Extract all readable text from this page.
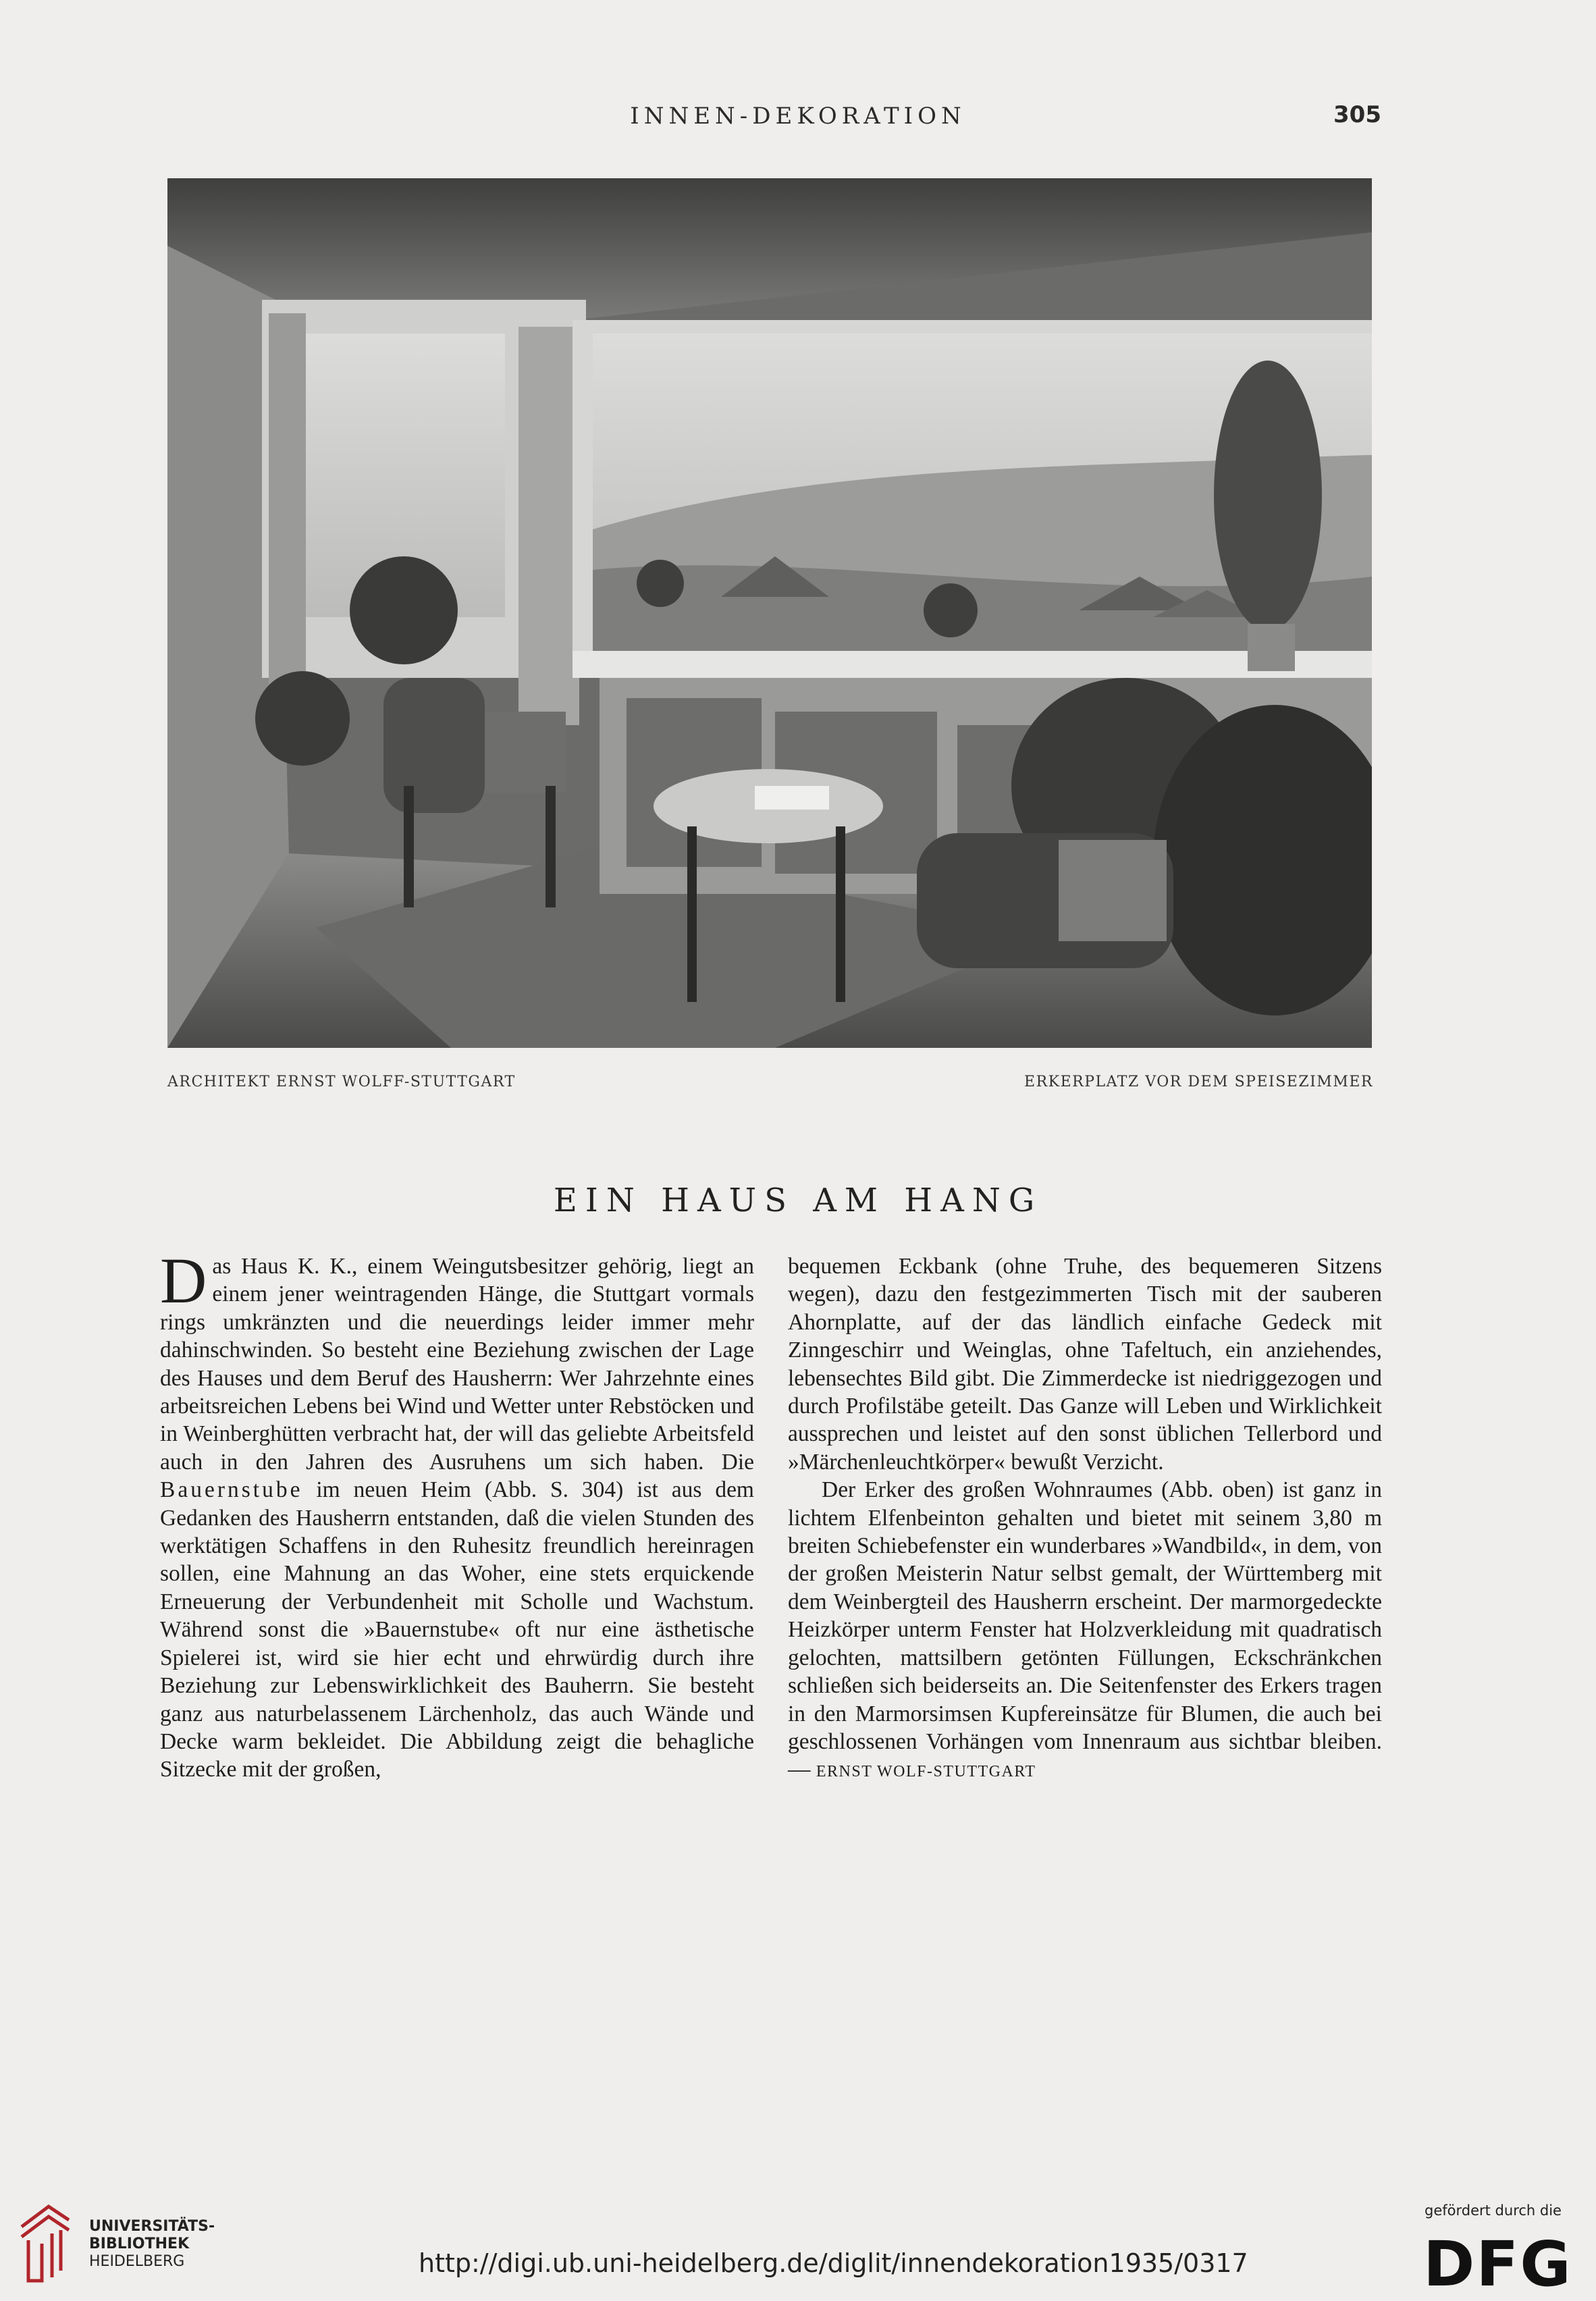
INNEN-DEKORATION	305
ARCHITEKT ERNST WOLFF-STUTTGART	ERKERPLATZ VOR DEM SPEISEZIMMER
EIN HAUS AM HANG

Das Haus K. K., einem Weingutsbesitzer gehörig, liegt an einem jener weintragenden Hänge, die Stuttgart vormals rings umkränzten und die neuerdings leider immer mehr dahinschwinden. So besteht eine Beziehung zwischen der Lage des Hauses und dem Beruf des Hausherrn: Wer Jahrzehnte eines arbeitsreichen Lebens bei Wind und Wetter unter Rebstöcken und in Weinberghütten verbracht hat, der will das geliebte Arbeitsfeld auch in den Jahren des Ausruhens um sich haben. Die Bauernstube im neuen Heim (Abb. S. 304) ist aus dem Gedanken des Hausherrn entstanden, daß die vielen Stunden des werktätigen Schaffens in den Ruhesitz freundlich hereinragen sollen, eine Mahnung an das Woher, eine stets erquickende Erneuerung der Verbundenheit mit Scholle und Wachstum. Während sonst die »Bauernstube« oft nur eine ästhetische Spielerei ist, wird sie hier echt und ehrwürdig durch ihre Beziehung zur Lebenswirklichkeit des Bauherrn. Sie besteht ganz aus naturbelassenem Lärchenholz, das auch Wände und Decke warm bekleidet. Die Abbildung zeigt die behagliche Sitzecke mit der großen,

bequemen Eckbank (ohne Truhe, des bequemeren Sitzens wegen), dazu den festgezimmerten Tisch mit der sauberen Ahornplatte, auf der das ländlich einfache Gedeck mit Zinngeschirr und Weinglas, ohne Tafeltuch, ein anziehendes, lebensechtes Bild gibt. Die Zimmerdecke ist niedriggezogen und durch Profilstäbe geteilt. Das Ganze will Leben und Wirklichkeit aussprechen und leistet auf den sonst üblichen Tellerbord und »Märchenleuchtkörper« bewußt Verzicht.

Der Erker des großen Wohnraumes (Abb. oben) ist ganz in lichtem Elfenbeinton gehalten und bietet mit seinem 3,80 m breiten Schiebefenster ein wunderbares »Wandbild«, in dem, von der großen Meisterin Natur selbst gemalt, der Württemberg mit dem Weinbergteil des Hausherrn erscheint. Der marmorgedeckte Heizkörper unterm Fenster hat Holzverkleidung mit quadratisch gelochten, mattsilbern getönten Füllungen, Eckschränkchen schließen sich beiderseits an. Die Seitenfenster des Erkers tragen in den Marmorsimsen Kupfereinsätze für Blumen, die auch bei geschlossenen Vorhängen vom Innenraum aus sichtbar bleiben. — ERNST WOLF-STUTTGART

UNIVERSITÄTS-
BIBLIOTHEK
HEIDELBERG	http://digi.ub.uni-heidelberg.de/diglit/innendekoration1935/0317
gefördert durch die
DFG
